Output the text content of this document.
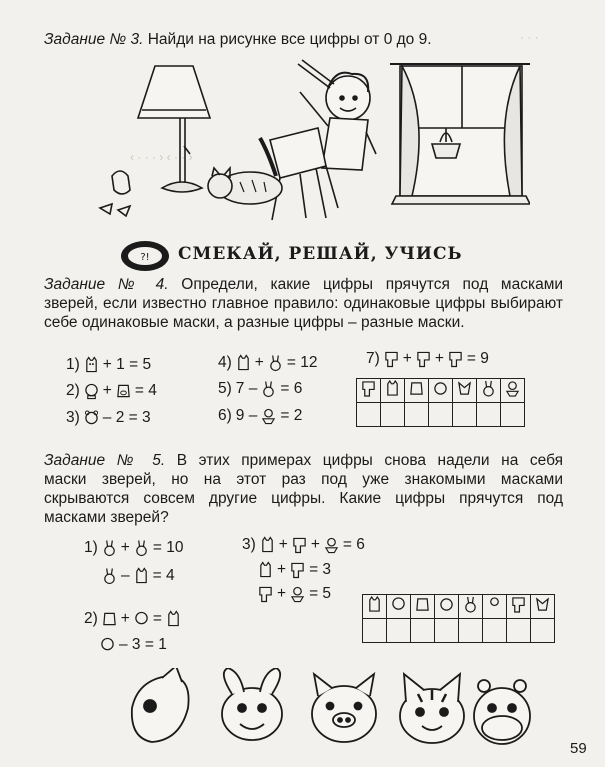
‹ · · · › ‹ · · ›
· · ·
Задание № 3. Найди на рисунке все цифры от 0 до 9.
?! СМЕКАЙ, РЕШАЙ, УЧИСЬ
Задание № 4. Определи, какие цифры прячутся под масками
зверей, если известно главное правило: одинаковые цифры выбирают
себе одинаковые маски, а разные цифры – разные маски.
1) + 1 = 5
2) + = 4
3) – 2 = 3
4) + = 12
5) 7 – = 6
6) 9 – = 2
7) + + = 9

Задание № 5. В этих примерах цифры снова надели на себя
маски зверей, но на этот раз под уже знакомыми масками
скрываются совсем другие цифры. Какие цифры прячутся под
масками зверей?
1) + = 10
– = 4
2) + =
– 3 = 1
3) + + = 6
+ = 3
+ = 5

59
